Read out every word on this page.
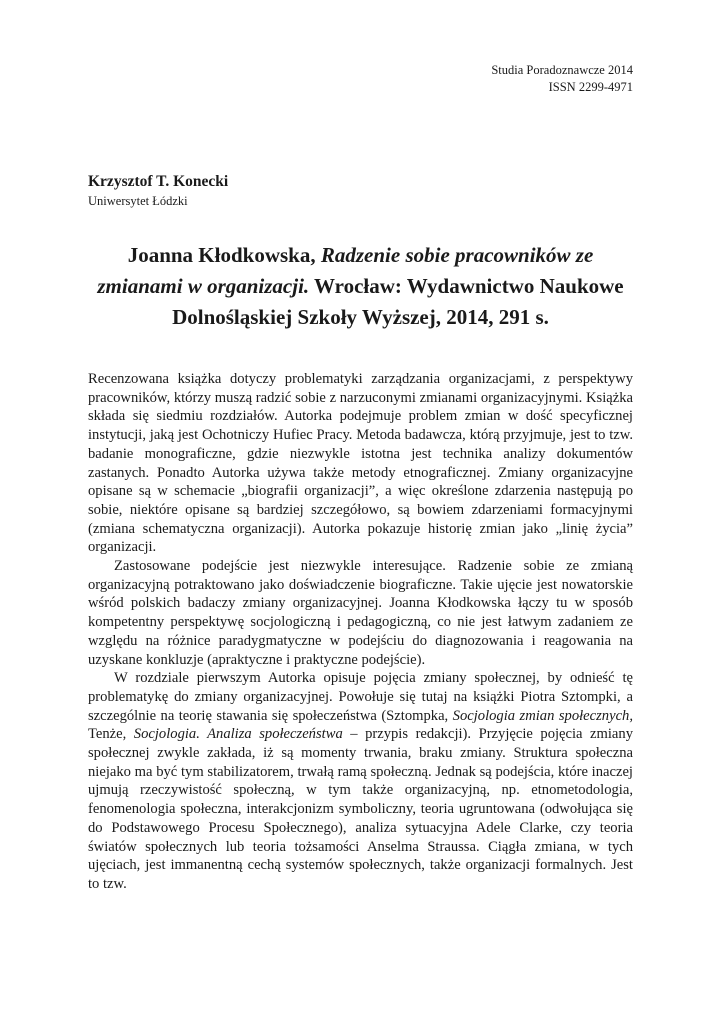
Studia Poradoznawcze 2014
ISSN 2299-4971
Krzysztof T. Konecki
Uniwersytet Łódzki
Joanna Kłodkowska, Radzenie sobie pracowników ze zmianami w organizacji. Wrocław: Wydawnictwo Naukowe Dolnośląskiej Szkoły Wyższej, 2014, 291 s.

Recenzowana książka dotyczy problematyki zarządzania organizacjami, z perspektywy pracowników, którzy muszą radzić sobie z narzuconymi zmianami organizacyjnymi. Książka składa się siedmiu rozdziałów. Autorka podejmuje problem zmian w dość specyficznej instytucji, jaką jest Ochotniczy Hufiec Pracy. Metoda badawcza, którą przyjmuje, jest to tzw. badanie monograficzne, gdzie niezwykle istotna jest technika analizy dokumentów zastanych. Ponadto Autorka używa także metody etnograficznej. Zmiany organizacyjne opisane są w schemacie „biografii organizacji”, a więc określone zdarzenia następują po sobie, niektóre opisane są bardziej szczegółowo, są bowiem zdarzeniami formacyjnymi (zmiana schematyczna organizacji). Autorka pokazuje historię zmian jako „linię życia” organizacji.

Zastosowane podejście jest niezwykle interesujące. Radzenie sobie ze zmianą organizacyjną potraktowano jako doświadczenie biograficzne. Takie ujęcie jest nowatorskie wśród polskich badaczy zmiany organizacyjnej. Joanna Kłodkowska łączy tu w sposób kompetentny perspektywę socjologiczną i pedagogiczną, co nie jest łatwym zadaniem ze względu na różnice paradygmatyczne w podejściu do diagnozowania i reagowania na uzyskane konkluzje (apraktyczne i praktyczne podejście).

W rozdziale pierwszym Autorka opisuje pojęcia zmiany społecznej, by odnieść tę problematykę do zmiany organizacyjnej. Powołuje się tutaj na książki Piotra Sztompki, a szczególnie na teorię stawania się społeczeństwa (Sztompka, Socjologia zmian społecznych, Tenże, Socjologia. Analiza społeczeństwa – przypis redakcji). Przyjęcie pojęcia zmiany społecznej zwykle zakłada, iż są momenty trwania, braku zmiany. Struktura społeczna niejako ma być tym stabilizatorem, trwałą ramą społeczną. Jednak są podejścia, które inaczej ujmują rzeczywistość społeczną, w tym także organizacyjną, np. etnometodologia, fenomenologia społeczna, interakcjonizm symboliczny, teoria ugruntowana (odwołująca się do Podstawowego Procesu Społecznego), analiza sytuacyjna Adele Clarke, czy teoria światów społecznych lub teoria tożsamości Anselma Straussa. Ciągła zmiana, w tych ujęciach, jest immanentną cechą systemów społecznych, także organizacji formalnych. Jest to tzw.
